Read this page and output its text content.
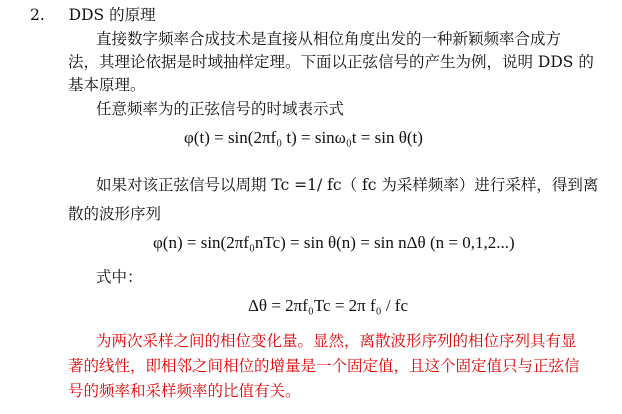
2. DDS 的原理
直接数字频率合成技术是直接从相位角度出发的一种新颖频率合成方
法，其理论依据是时域抽样定理。下面以正弦信号的产生为例，说明 DDS 的
基本原理。
任意频率为的正弦信号的时域表示式
φ(t) = sin(2πf₀ t) = sinω₀t = sin θ(t)
如果对该正弦信号以周期 Tc =1/ fc（ fc 为采样频率）进行采样，得到离
散的波形序列
φ(n) = sin(2πf₀nTc) = sin θ(n) = sin nΔθ (n = 0,1,2...)
式中：
Δθ = 2πf₀Tc = 2π f₀ / fc
为两次采样之间的相位变化量。显然，离散波形序列的相位序列具有显
著的线性，即相邻之间相位的增量是一个固定值，且这个固定值只与正弦信
号的频率和采样频率的比值有关。
